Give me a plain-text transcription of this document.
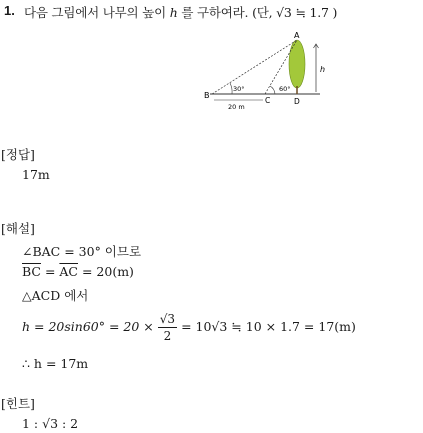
1. 다음 그림에서 나무의 높이 h 를 구하여라. (단, √3 ≒ 1.7 )
A
B
C	D
h
30°	60°
20 m
[정답]
17m
[해설]
∠BAC = 30° 이므로
$\overline{BC} = \overline{AC} = 20(m)$
△ACD 에서
$h = 20\sin 60^\circ = 20 \times \frac{√3}{2} = 10√3$ ≒ 10 × 1.7 = 17(m)
∴ h = 17m
[힌트]
1 : √3 : 2
